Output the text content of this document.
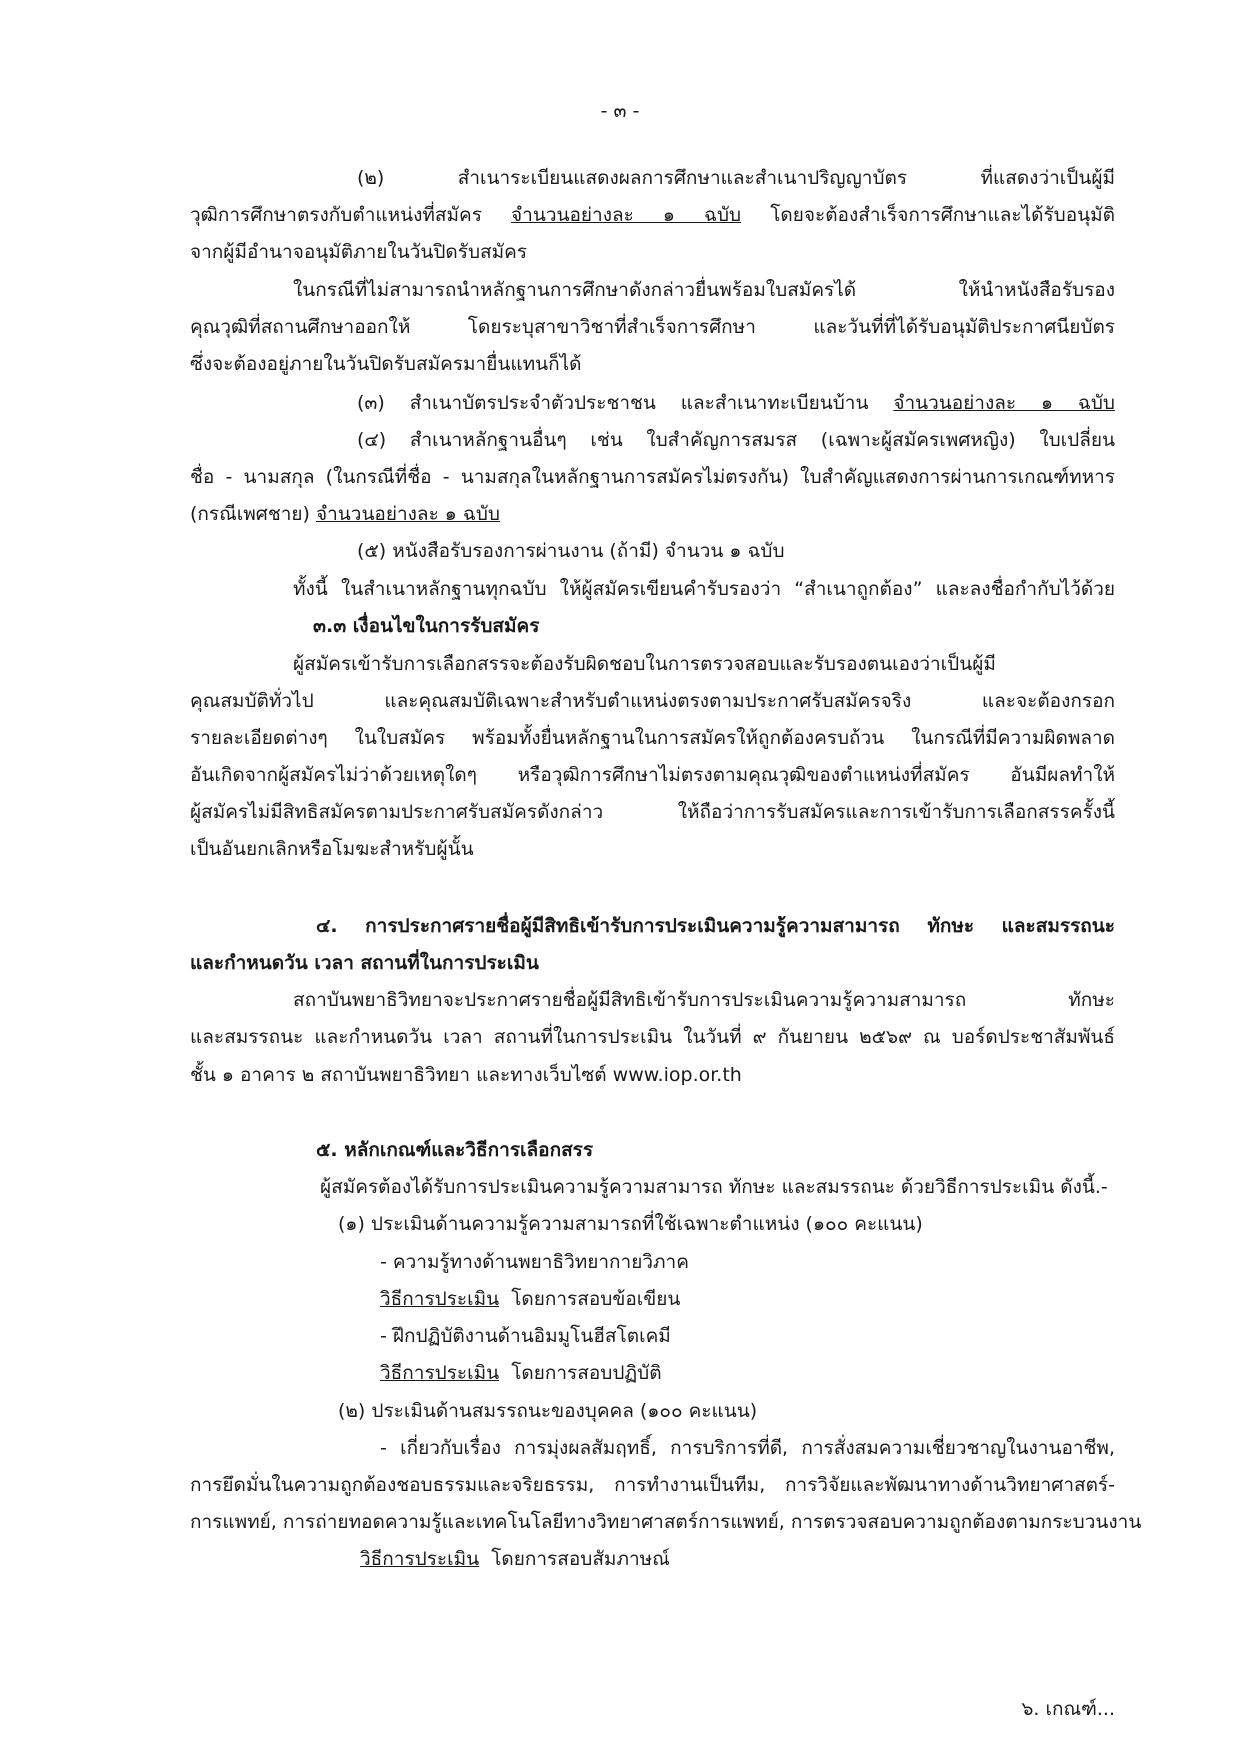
- ๓ -
(๒) สำเนาระเบียนแสดงผลการศึกษาและสำเนาปริญญาบัตร ที่แสดงว่าเป็นผู้มี
วุฒิการศึกษาตรงกับตำแหน่งที่สมัคร จำนวนอย่างละ ๑ ฉบับ โดยจะต้องสำเร็จการศึกษาและได้รับอนุมัติ
จากผู้มีอำนาจอนุมัติภายในวันปิดรับสมัคร
ในกรณีที่ไม่สามารถนำหลักฐานการศึกษาดังกล่าวยื่นพร้อมใบสมัครได้ ให้นำหนังสือรับรอง
คุณวุฒิที่สถานศึกษาออกให้ โดยระบุสาขาวิชาที่สำเร็จการศึกษา และวันที่ที่ได้รับอนุมัติประกาศนียบัตร
ซึ่งจะต้องอยู่ภายในวันปิดรับสมัครมายื่นแทนก็ได้
(๓) สำเนาบัตรประจำตัวประชาชน และสำเนาทะเบียนบ้าน จำนวนอย่างละ ๑ ฉบับ
(๔) สำเนาหลักฐานอื่นๆ เช่น ใบสำคัญการสมรส (เฉพาะผู้สมัครเพศหญิง) ใบเปลี่ยน
ชื่อ - นามสกุล (ในกรณีที่ชื่อ - นามสกุลในหลักฐานการสมัครไม่ตรงกัน) ใบสำคัญแสดงการผ่านการเกณฑ์ทหาร
(กรณีเพศชาย) จำนวนอย่างละ ๑ ฉบับ
(๕) หนังสือรับรองการผ่านงาน (ถ้ามี) จำนวน ๑ ฉบับ
ทั้งนี้ ในสำเนาหลักฐานทุกฉบับ ให้ผู้สมัครเขียนคำรับรองว่า “สำเนาถูกต้อง” และลงชื่อกำกับไว้ด้วย
๓.๓ เงื่อนไขในการรับสมัคร
ผู้สมัครเข้ารับการเลือกสรรจะต้องรับผิดชอบในการตรวจสอบและรับรองตนเองว่าเป็นผู้มี
คุณสมบัติทั่วไป และคุณสมบัติเฉพาะสำหรับตำแหน่งตรงตามประกาศรับสมัครจริง และจะต้องกรอก
รายละเอียดต่างๆ ในใบสมัคร พร้อมทั้งยื่นหลักฐานในการสมัครให้ถูกต้องครบถ้วน ในกรณีที่มีความผิดพลาด
อันเกิดจากผู้สมัครไม่ว่าด้วยเหตุใดๆ หรือวุฒิการศึกษาไม่ตรงตามคุณวุฒิของตำแหน่งที่สมัคร อันมีผลทำให้
ผู้สมัครไม่มีสิทธิสมัครตามประกาศรับสมัครดังกล่าว ให้ถือว่าการรับสมัครและการเข้ารับการเลือกสรรครั้งนี้
เป็นอันยกเลิกหรือโมฆะสำหรับผู้นั้น
๔. การประกาศรายชื่อผู้มีสิทธิเข้ารับการประเมินความรู้ความสามารถ ทักษะ และสมรรถนะ
และกำหนดวัน เวลา สถานที่ในการประเมิน
สถาบันพยาธิวิทยาจะประกาศรายชื่อผู้มีสิทธิเข้ารับการประเมินความรู้ความสามารถ ทักษะ
และสมรรถนะ และกำหนดวัน เวลา สถานที่ในการประเมิน ในวันที่ ๙ กันยายน ๒๕๖๙ ณ บอร์ดประชาสัมพันธ์
ชั้น ๑ อาคาร ๒ สถาบันพยาธิวิทยา และทางเว็บไซต์ www.iop.or.th
๕. หลักเกณฑ์และวิธีการเลือกสรร
ผู้สมัครต้องได้รับการประเมินความรู้ความสามารถ ทักษะ และสมรรถนะ ด้วยวิธีการประเมิน ดังนี้.-
(๑) ประเมินด้านความรู้ความสามารถที่ใช้เฉพาะตำแหน่ง (๑๐๐ คะแนน)
- ความรู้ทางด้านพยาธิวิทยากายวิภาค
วิธีการประเมิน  โดยการสอบข้อเขียน
- ฝึกปฏิบัติงานด้านอิมมูโนฮีสโตเคมี
วิธีการประเมิน  โดยการสอบปฏิบัติ
(๒) ประเมินด้านสมรรถนะของบุคคล (๑๐๐ คะแนน)
- เกี่ยวกับเรื่อง การมุ่งผลสัมฤทธิ์, การบริการที่ดี, การสั่งสมความเชี่ยวชาญในงานอาชีพ,
การยึดมั่นในความถูกต้องชอบธรรมและจริยธรรม, การทำงานเป็นทีม, การวิจัยและพัฒนาทางด้านวิทยาศาสตร์-
การแพทย์, การถ่ายทอดความรู้และเทคโนโลยีทางวิทยาศาสตร์การแพทย์, การตรวจสอบความถูกต้องตามกระบวนงาน
วิธีการประเมิน  โดยการสอบสัมภาษณ์
๖. เกณฑ์...
